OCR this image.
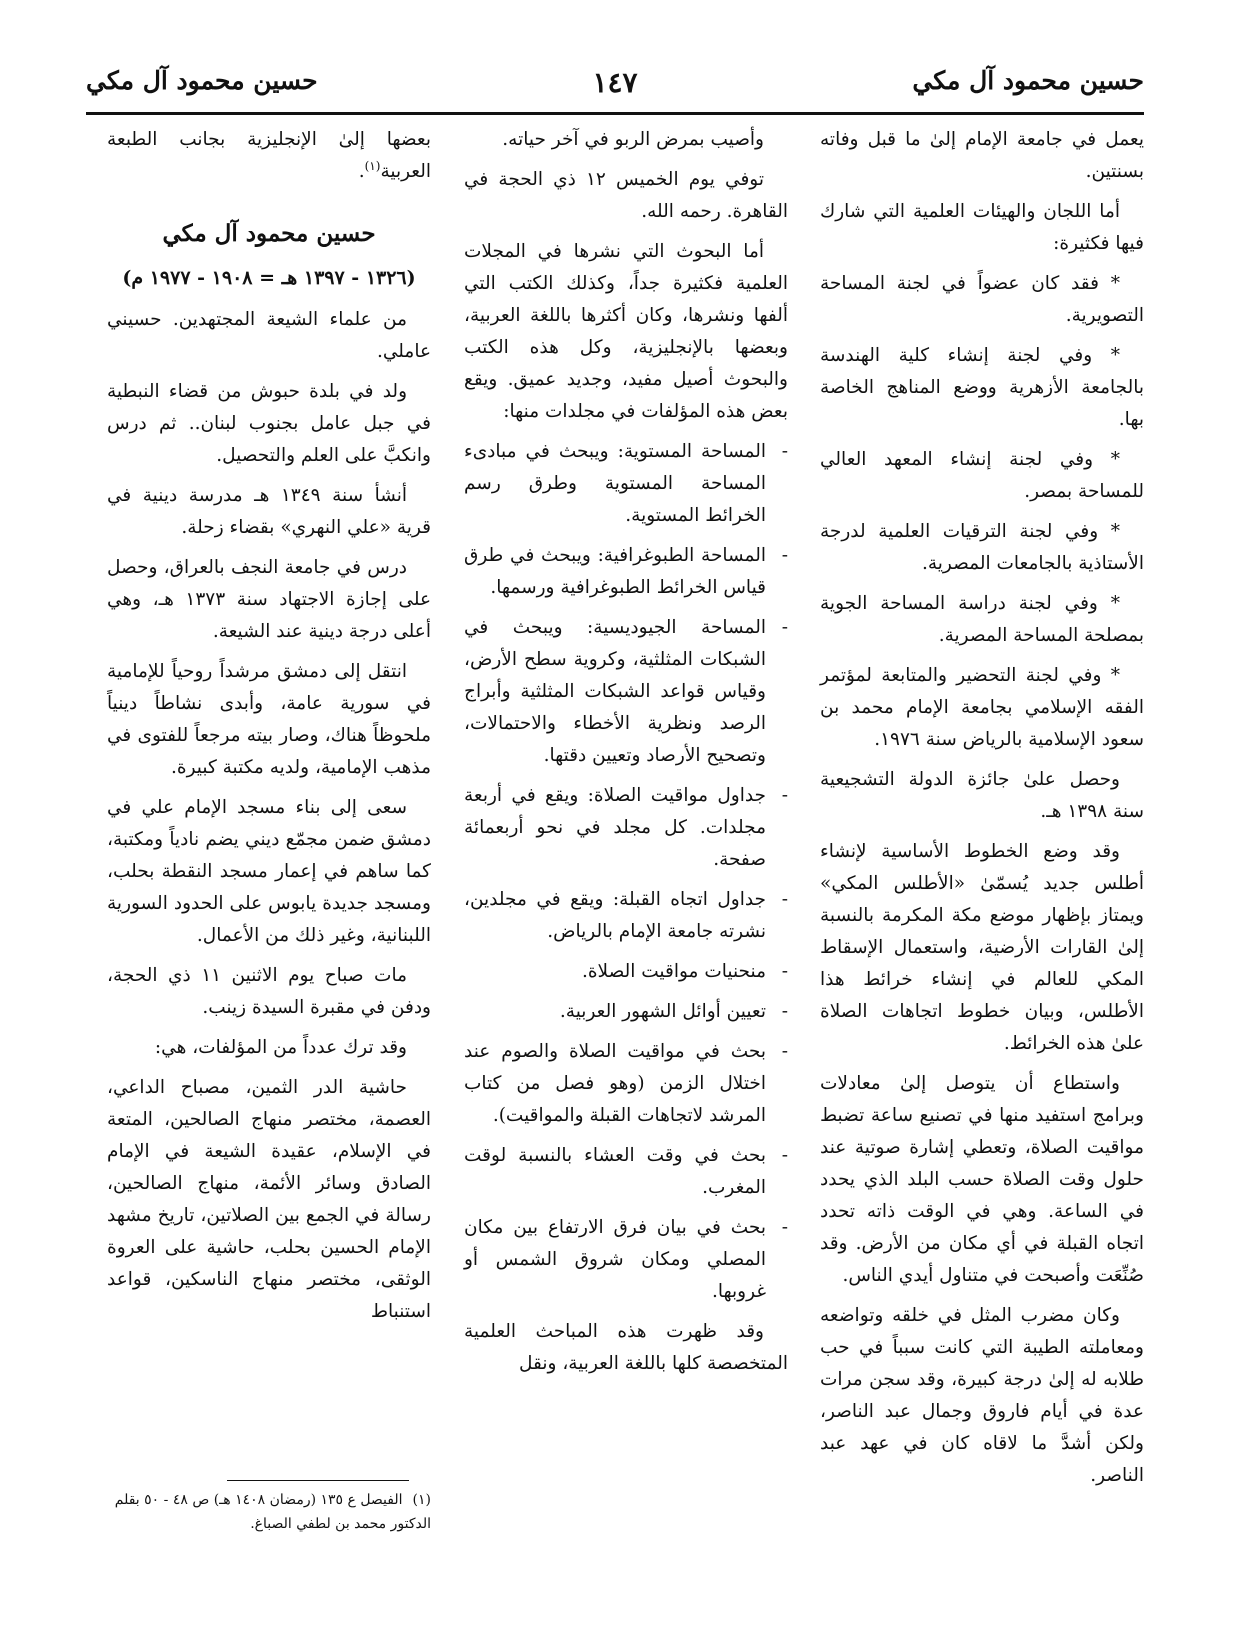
حسين محمود آل مكي
١٤٧
حسين محمود آل مكي

يعمل في جامعة الإمام إلىٰ ما قبل وفاته بسنتين.

أما اللجان والهيئات العلمية التي شارك فيها فكثيرة:

* فقد كان عضواً في لجنة المساحة التصويرية.

* وفي لجنة إنشاء كلية الهندسة بالجامعة الأزهرية ووضع المناهج الخاصة بها.

* وفي لجنة إنشاء المعهد العالي للمساحة بمصر.

* وفي لجنة الترقيات العلمية لدرجة الأستاذية بالجامعات المصرية.

* وفي لجنة دراسة المساحة الجوية بمصلحة المساحة المصرية.

* وفي لجنة التحضير والمتابعة لمؤتمر الفقه الإسلامي بجامعة الإمام محمد بن سعود الإسلامية بالرياض سنة ١٩٧٦.

وحصل علىٰ جائزة الدولة التشجيعية سنة ١٣٩٨ هـ.

وقد وضع الخطوط الأساسية لإنشاء أطلس جديد يُسمّىٰ «الأطلس المكي» ويمتاز بإظهار موضع مكة المكرمة بالنسبة إلىٰ القارات الأرضية، واستعمال الإسقاط المكي للعالم في إنشاء خرائط هذا الأطلس، وبيان خطوط اتجاهات الصلاة علىٰ هذه الخرائط.

واستطاع أن يتوصل إلىٰ معادلات وبرامج استفيد منها في تصنيع ساعة تضبط مواقيت الصلاة، وتعطي إشارة صوتية عند حلول وقت الصلاة حسب البلد الذي يحدد في الساعة. وهي في الوقت ذاته تحدد اتجاه القبلة في أي مكان من الأرض. وقد صُنِّعَت وأصبحت في متناول أيدي الناس.

وكان مضرب المثل في خلقه وتواضعه ومعاملته الطيبة التي كانت سبباً في حب طلابه له إلىٰ درجة كبيرة، وقد سجن مرات عدة في أيام فاروق وجمال عبد الناصر، ولكن أشدَّ ما لاقاه كان في عهد عبد الناصر.

وأصيب بمرض الربو في آخر حياته.

توفي يوم الخميس ١٢ ذي الحجة في القاهرة. رحمه الله.

أما البحوث التي نشرها في المجلات العلمية فكثيرة جداً، وكذلك الكتب التي ألفها ونشرها، وكان أكثرها باللغة العربية، وبعضها بالإنجليزية، وكل هذه الكتب والبحوث أصيل مفيد، وجديد عميق. ويقع بعض هذه المؤلفات في مجلدات منها:

- المساحة المستوية: ويبحث في مبادىء المساحة المستوية وطرق رسم الخرائط المستوية.
- المساحة الطبوغرافية: ويبحث في طرق قياس الخرائط الطبوغرافية ورسمها.
- المساحة الجيوديسية: ويبحث في الشبكات المثلثية، وكروية سطح الأرض، وقياس قواعد الشبكات المثلثية وأبراج الرصد ونظرية الأخطاء والاحتمالات، وتصحيح الأرصاد وتعيين دقتها.
- جداول مواقيت الصلاة: ويقع في أربعة مجلدات. كل مجلد في نحو أربعمائة صفحة.
- جداول اتجاه القبلة: ويقع في مجلدين، نشرته جامعة الإمام بالرياض.
- منحنيات مواقيت الصلاة.
- تعيين أوائل الشهور العربية.
- بحث في مواقيت الصلاة والصوم عند اختلال الزمن (وهو فصل من كتاب المرشد لاتجاهات القبلة والمواقيت).
- بحث في وقت العشاء بالنسبة لوقت المغرب.
- بحث في بيان فرق الارتفاع بين مكان المصلي ومكان شروق الشمس أو غروبها.

وقد ظهرت هذه المباحث العلمية المتخصصة كلها باللغة العربية، ونقل

بعضها إلىٰ الإنجليزية بجانب الطبعة العربية$^{(١)}$.

حسين محمود آل مكي
(١٣٢٦ - ١٣٩٧ هـ = ١٩٠٨ - ١٩٧٧ م)

من علماء الشيعة المجتهدين. حسيني عاملي.

ولد في بلدة حبوش من قضاء النبطية في جبل عامل بجنوب لبنان.. ثم درس وانكبَّ على العلم والتحصيل.

أنشأ سنة ١٣٤٩ هـ مدرسة دينية في قرية «علي النهري» بقضاء زحلة.

درس في جامعة النجف بالعراق، وحصل على إجازة الاجتهاد سنة ١٣٧٣ هـ، وهي أعلى درجة دينية عند الشيعة.

انتقل إلى دمشق مرشداً روحياً للإمامية في سورية عامة، وأبدى نشاطاً دينياً ملحوظاً هناك، وصار بيته مرجعاً للفتوى في مذهب الإمامية، ولديه مكتبة كبيرة.

سعى إلى بناء مسجد الإمام علي في دمشق ضمن مجمّع ديني يضم نادياً ومكتبة، كما ساهم في إعمار مسجد النقطة بحلب، ومسجد جديدة يابوس على الحدود السورية اللبنانية، وغير ذلك من الأعمال.

مات صباح يوم الاثنين ١١ ذي الحجة، ودفن في مقبرة السيدة زينب.

وقد ترك عدداً من المؤلفات، هي:

حاشية الدر الثمين، مصباح الداعي، العصمة، مختصر منهاج الصالحين، المتعة في الإسلام، عقيدة الشيعة في الإمام الصادق وسائر الأئمة، منهاج الصالحين، رسالة في الجمع بين الصلاتين، تاريخ مشهد الإمام الحسين بحلب، حاشية على العروة الوثقى، مختصر منهاج الناسكين، قواعد استنباط

(١)الفيصل ع ١٣٥ (رمضان ١٤٠٨ هـ) ص ٤٨ - ٥٠ بقلم الدكتور محمد بن لطفي الصباغ.
